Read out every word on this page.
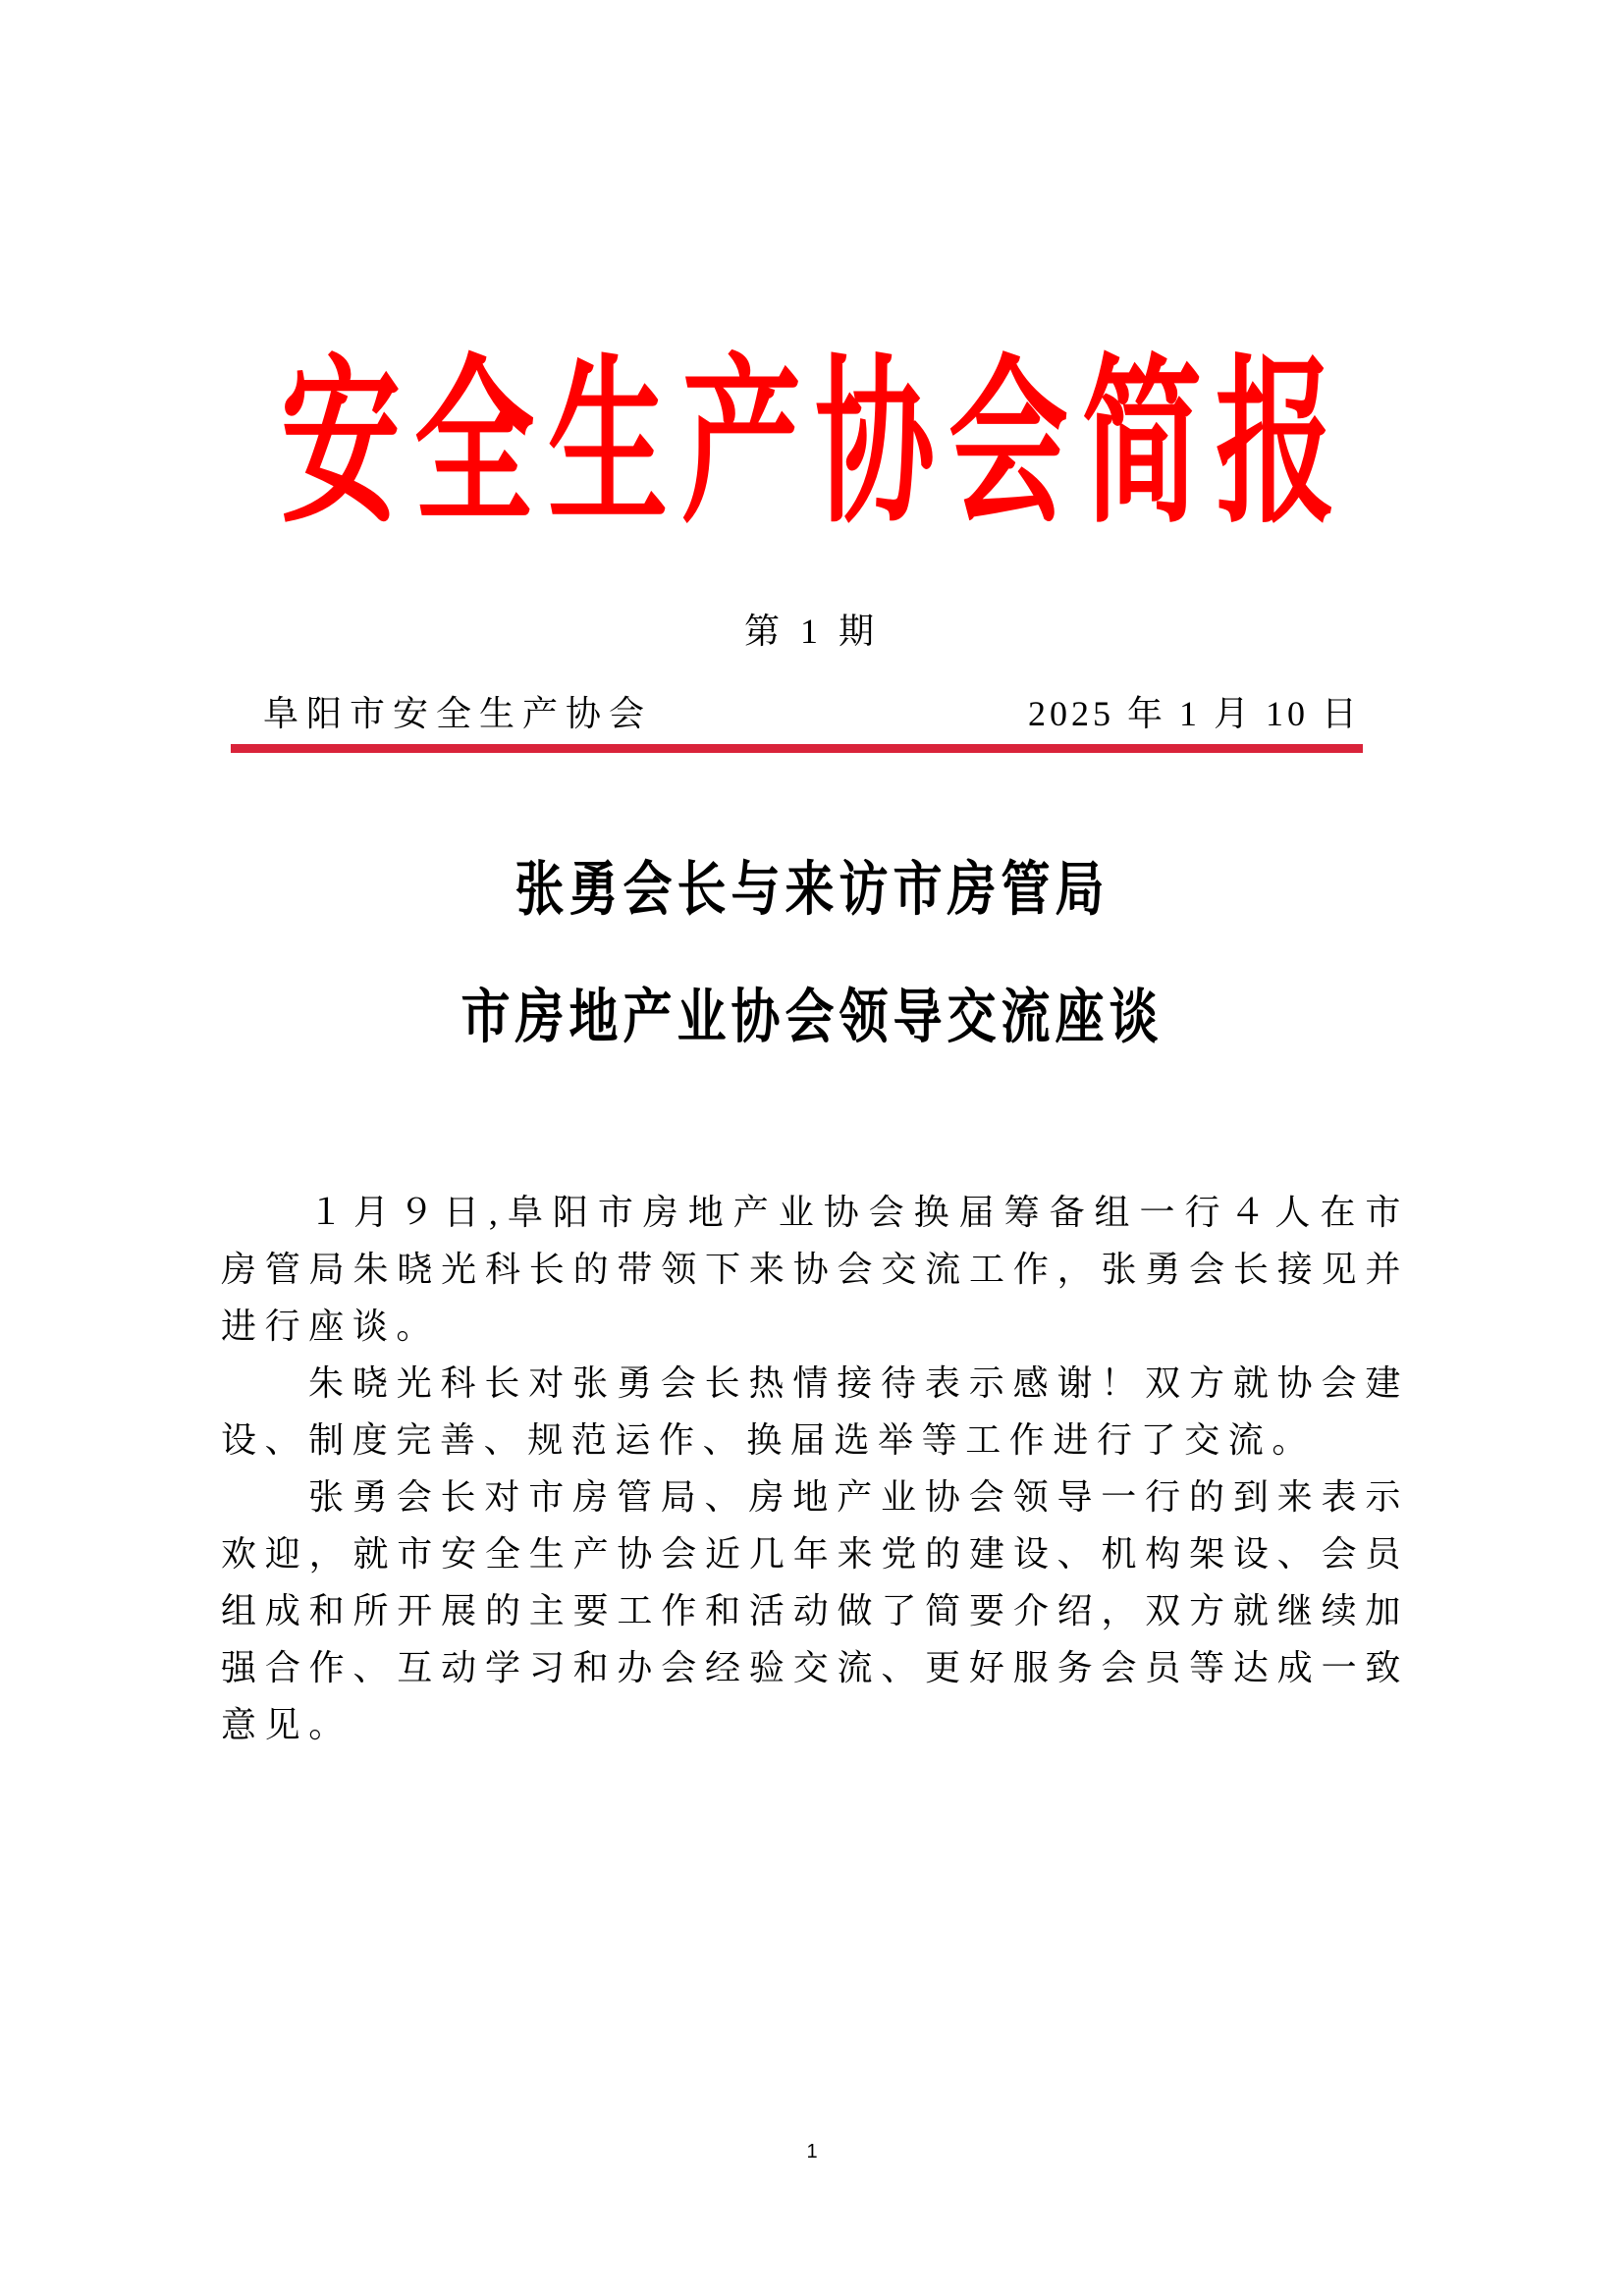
安全生产协会简报
第 1 期
阜阳市安全生产协会	2025 年 1 月 10 日
张勇会长与来访市房管局
市房地产业协会领导交流座谈

１月９日,阜阳市房地产业协会换届筹备组一行４人在市房管局朱晓光科长的带领下来协会交流工作，张勇会长接见并进行座谈。

朱晓光科长对张勇会长热情接待表示感谢！双方就协会建设、制度完善、规范运作、换届选举等工作进行了交流。

张勇会长对市房管局、房地产业协会领导一行的到来表示欢迎，就市安全生产协会近几年来党的建设、机构架设、会员组成和所开展的主要工作和活动做了简要介绍，双方就继续加强合作、互动学习和办会经验交流、更好服务会员等达成一致意见。

1
